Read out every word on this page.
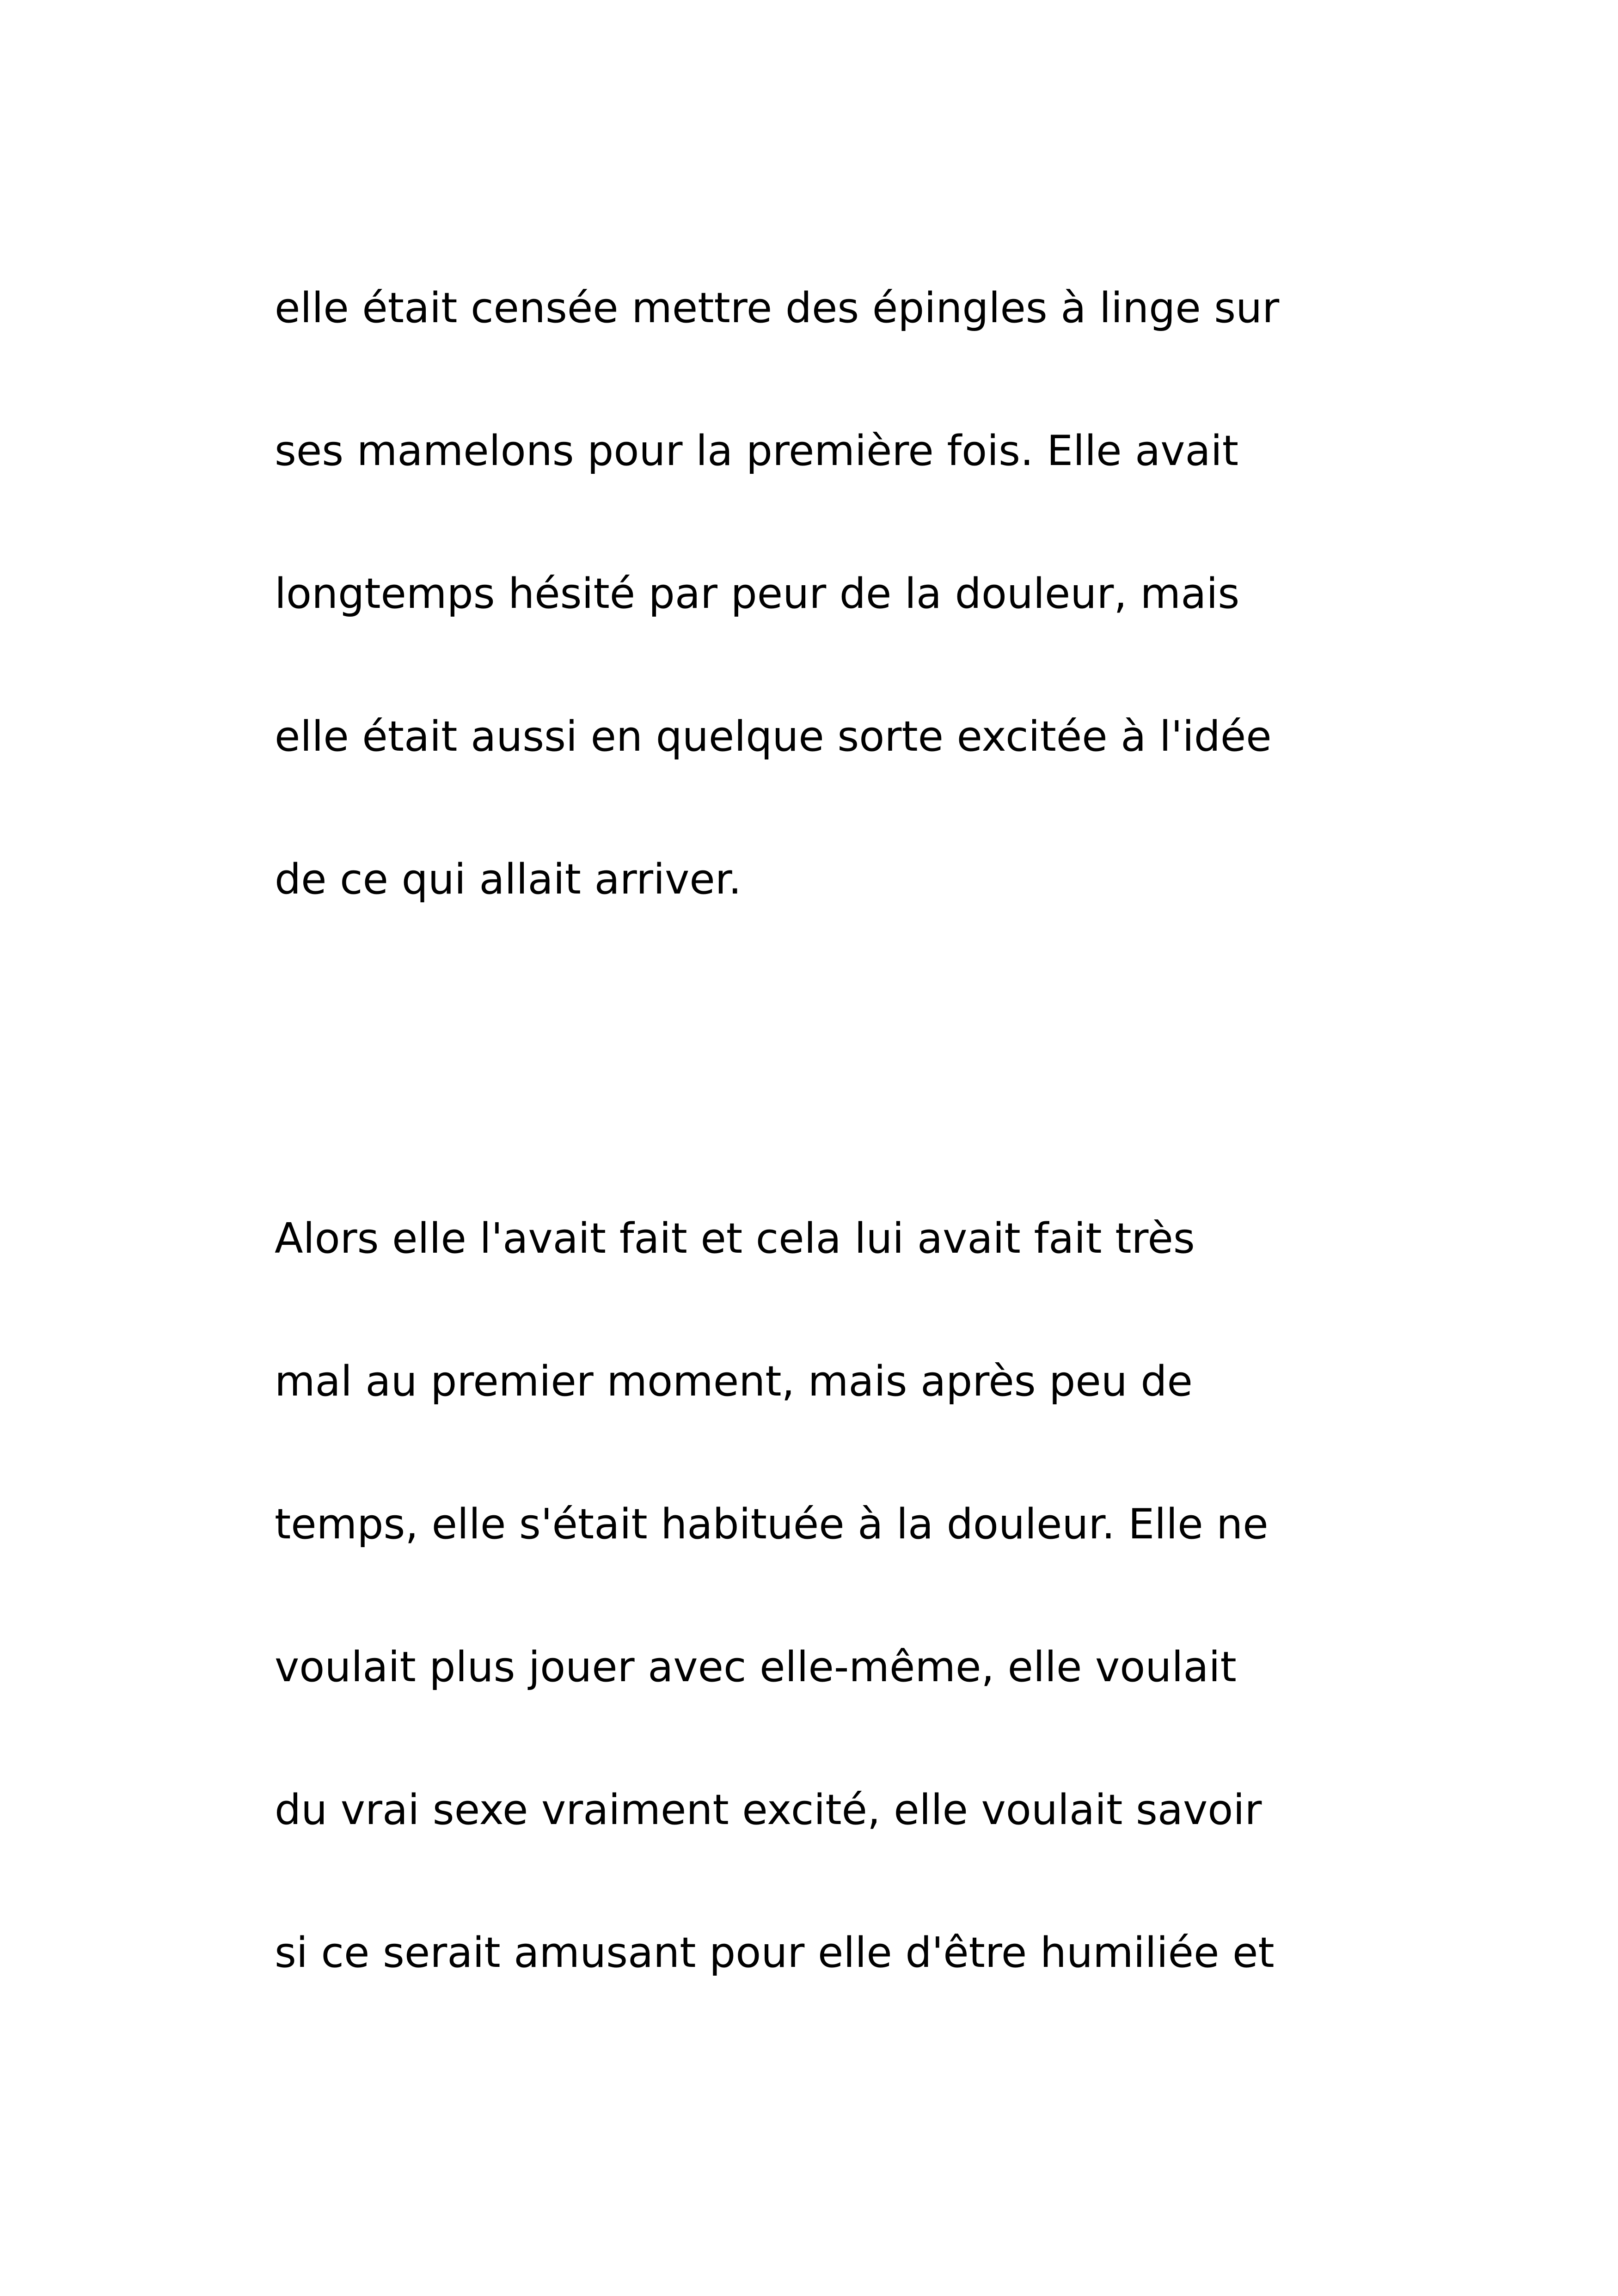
elle était censée mettre des épingles à linge sur

ses mamelons pour la première fois. Elle avait

longtemps hésité par peur de la douleur, mais

elle était aussi en quelque sorte excitée à l'idée

de ce qui allait arriver.

Alors elle l'avait fait et cela lui avait fait très

mal au premier moment, mais après peu de

temps, elle s'était habituée à la douleur. Elle ne

voulait plus jouer avec elle-même, elle voulait

du vrai sexe vraiment excité, elle voulait savoir

si ce serait amusant pour elle d'être humiliée et
